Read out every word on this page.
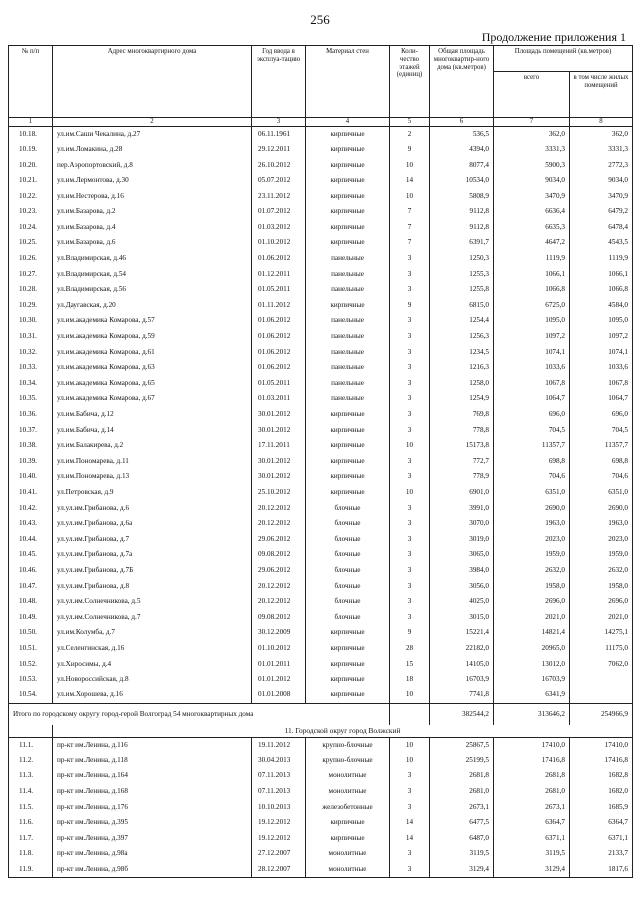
256
Продолжение приложения 1
№ п/п	Адрес многоквартирного дома	Год ввода в эксплуа-тацию	Материал стен	Коли-чество этажей (единиц)	Общая площадь многоквартир-ного дома (кв.метров)	Площадь помещений (кв.метров)	
						всего	в том числе жилых помещений
1	2	3	4	5	6	7	8
10.18.	ул.им.Саши Чекалина, д.27	06.11.1961	кирпичные	2	536,5	362,0	362,0
10.19.	ул.им.Ломакина, д.28	29.12.2011	кирпичные	9	4394,0	3331,3	3331,3
10.20.	пер.Аэропортовский, д.8	26.10.2012	кирпичные	10	8077,4	5900,3	2772,3
10.21.	ул.им.Лермонтова, д.30	05.07.2012	кирпичные	14	10534,0	9034,0	9034,0
10.22.	ул.им.Нестерова, д.16	23.11.2012	кирпичные	10	5808,9	3470,9	3470,9
10.23.	ул.им.Базарова, д.2	01.07.2012	кирпичные	7	9112,8	6636,4	6479,2
10.24.	ул.им.Базарова, д.4	01.03.2012	кирпичные	7	9112,8	6635,3	6478,4
10.25.	ул.им.Базарова, д.6	01.10.2012	кирпичные	7	6391,7	4647,2	4543,5
10.26.	ул.Владимирская, д.46	01.06.2012	панельные	3	1250,3	1119,9	1119,9
10.27.	ул.Владимирская, д.54	01.12.2011	панельные	3	1255,3	1066,1	1066,1
10.28.	ул.Владимирская, д.56	01.05.2011	панельные	3	1255,8	1066,8	1066,8
10.29.	ул.Даугавская, д.20	01.11.2012	кирпичные	9	6815,0	6725,0	4584,0
10.30.	ул.им.академика Комарова, д.57	01.06.2012	панельные	3	1254,4	1095,0	1095,0
10.31.	ул.им.академика Комарова, д.59	01.06.2012	панельные	3	1256,3	1097,2	1097,2
10.32.	ул.им.академика Комарова, д.61	01.06.2012	панельные	3	1234,5	1074,1	1074,1
10.33.	ул.им.академика Комарова, д.63	01.06.2012	панельные	3	1216,3	1033,6	1033,6
10.34.	ул.им.академика Комарова, д.65	01.05.2011	панельные	3	1258,0	1067,8	1067,8
10.35.	ул.им.академика Комарова, д.67	01.03.2011	панельные	3	1254,9	1064,7	1064,7
10.36.	ул.им.Бабича, д.12	30.01.2012	кирпичные	3	769,8	696,0	696,0
10.37.	ул.им.Бабича, д.14	30.01.2012	кирпичные	3	778,8	704,5	704,5
10.38.	ул.им.Балакирева, д.2	17.11.2011	кирпичные	10	15173,8	11357,7	11357,7
10.39.	ул.им.Пономарева, д.11	30.01.2012	кирпичные	3	772,7	698,8	698,8
10.40.	ул.им.Пономарева, д.13	30.01.2012	кирпичные	3	778,9	704,6	704,6
10.41.	ул.Петровская, д.9	25.10.2012	кирпичные	10	6901,0	6351,0	6351,0
10.42.	ул.ул.им.Грибанова, д.6	20.12.2012	блочные	3	3991,0	2690,0	2690,0
10.43.	ул.ул.им.Грибанова, д.6а	20.12.2012	блочные	3	3070,0	1963,0	1963,0
10.44.	ул.ул.им.Грибанова, д.7	29.06.2012	блочные	3	3019,0	2023,0	2023,0
10.45.	ул.ул.им.Грибанова, д.7а	09.08.2012	блочные	3	3065,0	1959,0	1959,0
10.46.	ул.ул.им.Грибанова, д.7Б	29.06.2012	блочные	3	3984,0	2632,0	2632,0
10.47.	ул.ул.им.Грибанова, д.8	20.12.2012	блочные	3	3056,0	1958,0	1958,0
10.48.	ул.ул.им.Солнечникова, д.5	20.12.2012	блочные	3	4025,0	2696,0	2696,0
10.49.	ул.ул.им.Солнечникова, д.7	09.08.2012	блочные	3	3015,0	2021,0	2021,0
10.50.	ул.им.Колумба, д.7	30.12.2009	кирпичные	9	15221,4	14821,4	14275,1
10.51.	ул.Селенгинская, д.16	01.10.2012	кирпичные	28	22182,0	20965,0	11175,0
10.52.	ул.Хиросимы, д.4	01.01.2011	кирпичные	15	14105,0	13012,0	7062,0
10.53.	ул.Новороссийская, д.8	01.01.2012	кирпичные	18	16703,9	16703,9	
10.54.	ул.им.Хорошева, д.16	01.01.2008	кирпичные	10	7741,8	6341,9	
Итого по городскому округу город-герой Волгоград 54 многоквартирных дома					382544,2	313646,2	254966,9
	11. Городской округ город Волжский						
11.1.	пр-кт им.Ленина, д.116	19.11.2012	крупно-блочные	10	25867,5	17410,0	17410,0
11.2.	пр-кт им.Ленина, д.118	30.04.2013	крупно-блочные	10	25199,5	17416,8	17416,8
11.3.	пр-кт им.Ленина, д.164	07.11.2013	монолитные	3	2681,8	2681,8	1682,8
11.4.	пр-кт им.Ленина, д.168	07.11.2013	монолитные	3	2681,0	2681,0	1682,0
11.5.	пр-кт им.Ленина, д.176	10.10.2013	железобетонные	3	2673,1	2673,1	1685,9
11.6.	пр-кт им.Ленина, д.395	19.12.2012	кирпичные	14	6477,5	6364,7	6364,7
11.7.	пр-кт им.Ленина, д.397	19.12.2012	кирпичные	14	6487,0	6371,1	6371,1
11.8.	пр-кт им.Ленина, д.98а	27.12.2007	монолитные	3	3119,5	3119,5	2133,7
11.9.	пр-кт им.Ленина, д.98б	28.12.2007	монолитные	3	3129,4	3129,4	1817,6
